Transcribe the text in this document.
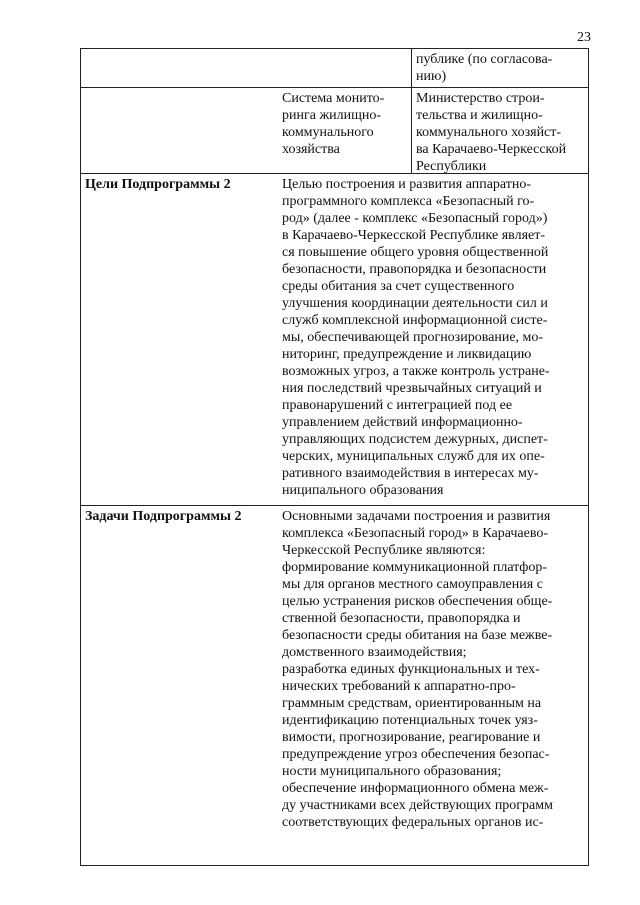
23
публике (по согласова-
нию)
Система монито-
ринга жилищно-
коммунального
хозяйства
Министерство строи-
тельства и жилищно-
коммунального хозяйст-
ва Карачаево-Черкесской
Республики
Цели Подпрограммы 2	Целью построения и развития аппаратно-
программного комплекса «Безопасный го-
род» (далее - комплекс «Безопасный город»)
в Карачаево-Черкесской Республике являет-
ся повышение общего уровня общественной
безопасности, правопорядка и безопасности
среды обитания за счет существенного
улучшения координации деятельности сил и
служб комплексной информационной систе-
мы, обеспечивающей прогнозирование, мо-
ниторинг, предупреждение и ликвидацию
возможных угроз, а также контроль устране-
ния последствий чрезвычайных ситуаций и
правонарушений с интеграцией под ее
управлением действий информационно-
управляющих подсистем дежурных, диспет-
черских, муниципальных служб для их опе-
ративного взаимодействия в интересах му-
ниципального образования
Задачи Подпрограммы 2	Основными задачами построения и развития
комплекса «Безопасный город» в Карачаево-
Черкесской Республике являются:
формирование коммуникационной платфор-
мы для органов местного самоуправления с
целью устранения рисков обеспечения обще-
ственной безопасности, правопорядка и
безопасности среды обитания на базе межве-
домственного взаимодействия;
разработка единых функциональных и тех-
нических требований к аппаратно-про-
граммным средствам, ориентированным на
идентификацию потенциальных точек уяз-
вимости, прогнозирование, реагирование и
предупреждение угроз обеспечения безопас-
ности муниципального образования;
обеспечение информационного обмена меж-
ду участниками всех действующих программ
соответствующих федеральных органов ис-
